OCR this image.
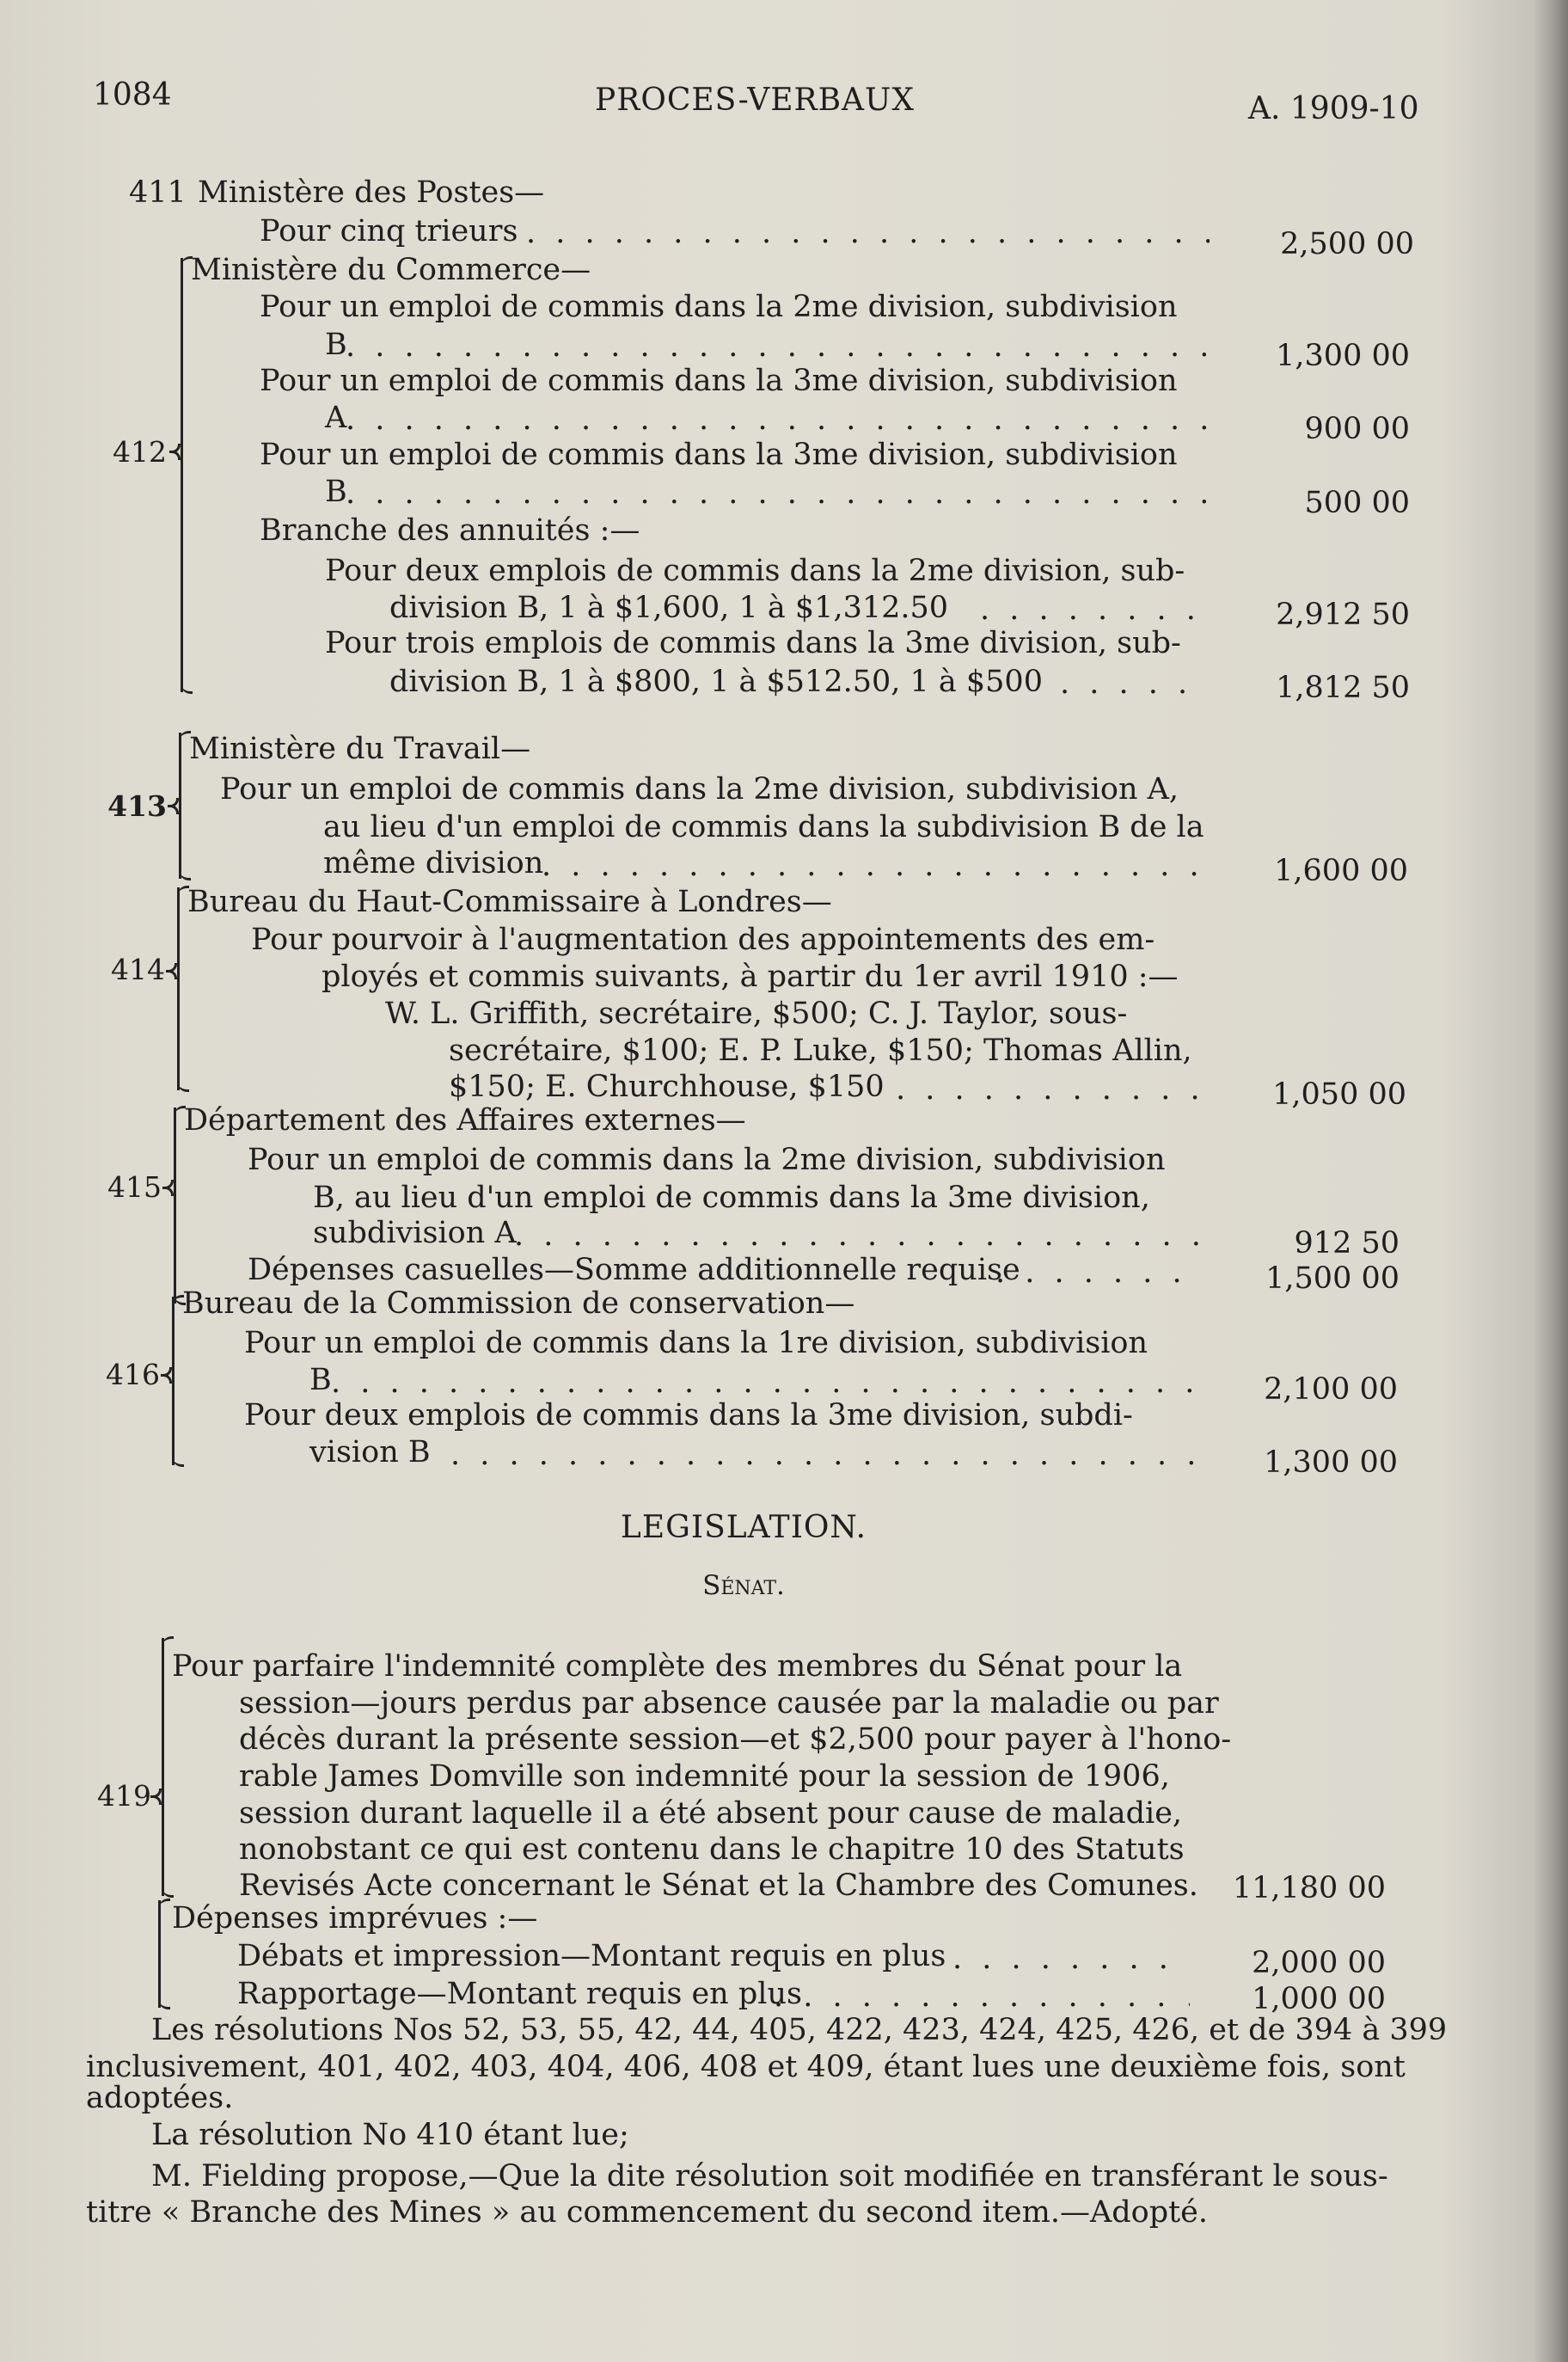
1084	PROCES-VERBAUX	A. 1909-10
411 Ministère des Postes—
Pour cinq trieurs . . .	2,500 00
412
Ministère du Commerce—
Pour un emploi de commis dans la 2me division, subdivision
B . . .	1,300 00
Pour un emploi de commis dans la 3me division, subdivision
A . . .	900 00
Pour un emploi de commis dans la 3me division, subdivision
B . . .	500 00
Branche des annuités :—
Pour deux emplois de commis dans la 2me division, sub-
division B, 1 à $1,600, 1 à $1,312.50 . . .	2,912 50
Pour trois emplois de commis dans la 3me division, sub-
division B, 1 à $800, 1 à $512.50, 1 à $500 . . .	1,812 50
413
Ministère du Travail—
Pour un emploi de commis dans la 2me division, subdivision A,
au lieu d'un emploi de commis dans la subdivision B de la
même division . . .	1,600 00
414
Bureau du Haut-Commissaire à Londres—
Pour pourvoir à l'augmentation des appointements des em-
ployés et commis suivants, à partir du 1er avril 1910 :—
W. L. Griffith, secrétaire, $500; C. J. Taylor, sous-
secrétaire, $100; E. P. Luke, $150; Thomas Allin,
$150; E. Churchhouse, $150 . . .	1,050 00
415
Département des Affaires externes—
Pour un emploi de commis dans la 2me division, subdivision
B, au lieu d'un emploi de commis dans la 3me division,
subdivision A . . .	912 50
Dépenses casuelles—Somme additionnelle requise . . .	1,500 00
416
Bureau de la Commission de conservation—
Pour un emploi de commis dans la 1re division, subdivision
B . . .	2,100 00
Pour deux emplois de commis dans la 3me division, subdi-
vision B . . .	1,300 00
LEGISLATION.
Sénat.
419
Pour parfaire l'indemnité complète des membres du Sénat pour la
session—jours perdus par absence causée par la maladie ou par
décès durant la présente session—et $2,500 pour payer à l'hono-
rable James Domville son indemnité pour la session de 1906,
session durant laquelle il a été absent pour cause de maladie,
nonobstant ce qui est contenu dans le chapitre 10 des Statuts
Revisés Acte concernant le Sénat et la Chambre des Comunes.	11,180 00
Dépenses imprévues :—
Débats et impression—Montant requis en plus . . .	2,000 00
Rapportage—Montant requis en plus . . .	1,000 00
Les résolutions Nos 52, 53, 55, 42, 44, 405, 422, 423, 424, 425, 426, et de 394 à 399
inclusivement, 401, 402, 403, 404, 406, 408 et 409, étant lues une deuxième fois, sont
adoptées.
La résolution No 410 étant lue;
M. Fielding propose,—Que la dite résolution soit modifiée en transférant le sous-
titre « Branche des Mines » au commencement du second item.—Adopté.
